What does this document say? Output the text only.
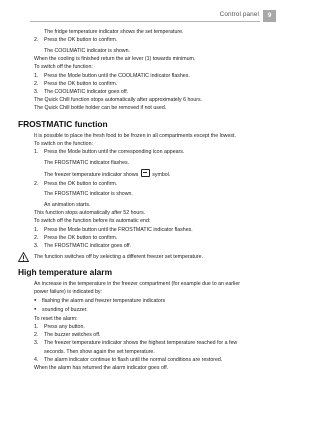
Control panel	9
The fridge temperature indicator shows the set temperature.
2. Press the OK button to confirm.
The COOLMATIC indicator is shown.
When the cooling is finished return the air lever (1) towards minimum.
To switch off the function:
1. Press the Mode button until the COOLMATIC indicator flashes.
2. Press the OK button to confirm.
3. The COOLMATIC indicator goes off.
The Quick Chill function stops automatically after approximately 6 hours.
The Quick Chill bottle holder can be removed if not used.
FROSTMATIC function
It is possible to place the fresh food to be frozen in all compartments except the lowest.
To switch on the function:
1. Press the Mode button until the corresponding icon appears.
The FROSTMATIC indicator flashes.
The freezer temperature indicator shows	symbol.
2. Press the OK button to confirm.
The FROSTMATIC indicator is shown.
An animation starts.
This function stops automatically after 52 hours.
To switch off the function before its automatic end:
1. Press the Mode button until the FROSTMATIC indicator flashes.
2. Press the OK button to confirm.
3. The FROSTMATIC indicator goes off.
The function switches off by selecting a different freezer set temperature.
High temperature alarm
An increase in the temperature in the freezer compartment (for example due to an earlier
power failure) is indicated by:
● flashing the alarm and freezer temperature indicators
● sounding of buzzer.
To reset the alarm:
1. Press any button.
2. The buzzer switches off.
3. The freezer temperature indicator shows the highest temperature reached for a few
seconds. Then show again the set temperature.
4. The alarm indicator continue to flash until the normal conditions are restored.
When the alarm has returned the alarm indicator goes off.
